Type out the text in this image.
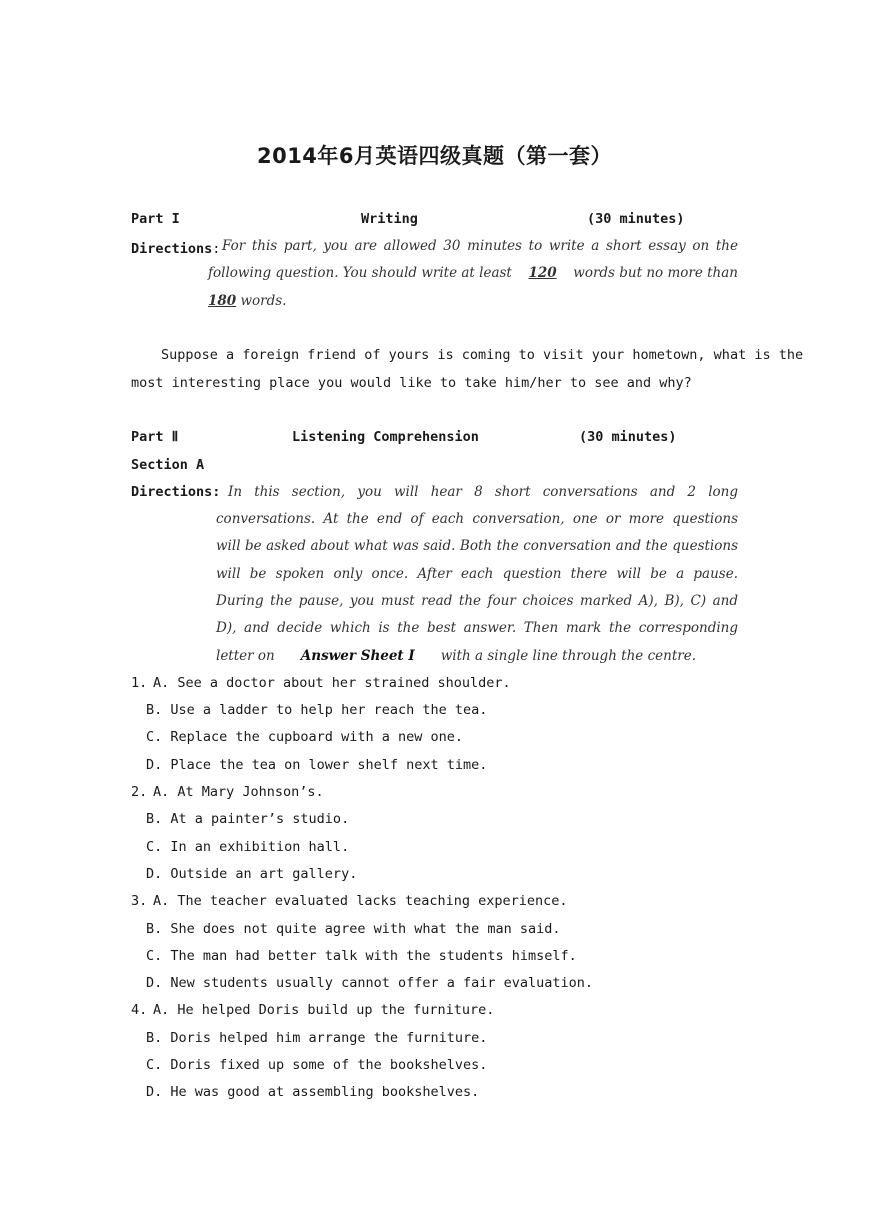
2014年6月英语四级真题（第一套）
Part I	Writing	(30 minutes)
Directions: For this part, you are allowed 30 minutes to write a short essay on the
following question. You should write at least 120 words but no more than
180 words.
Suppose a foreign friend of yours is coming to visit your hometown, what is the
most interesting place you would like to take him/her to see and why?
Part Ⅱ	Listening Comprehension	(30 minutes)
Section A
Directions: In this section, you will hear 8 short conversations and 2 long
conversations. At the end of each conversation, one or more questions
will be asked about what was said. Both the conversation and the questions
will be spoken only once. After each question there will be a pause.
During the pause, you must read the four choices marked A), B), C) and
D), and decide which is the best answer. Then mark the corresponding
letter on Answer Sheet I with a single line through the centre.
1. A. See a doctor about her strained shoulder.
B. Use a ladder to help her reach the tea.
C. Replace the cupboard with a new one.
D. Place the tea on lower shelf next time.
2. A. At Mary Johnson’s.
B. At a painter’s studio.
C. In an exhibition hall.
D. Outside an art gallery.
3. A. The teacher evaluated lacks teaching experience.
B. She does not quite agree with what the man said.
C. The man had better talk with the students himself.
D. New students usually cannot offer a fair evaluation.
4. A. He helped Doris build up the furniture.
B. Doris helped him arrange the furniture.
C. Doris fixed up some of the bookshelves.
D. He was good at assembling bookshelves.
